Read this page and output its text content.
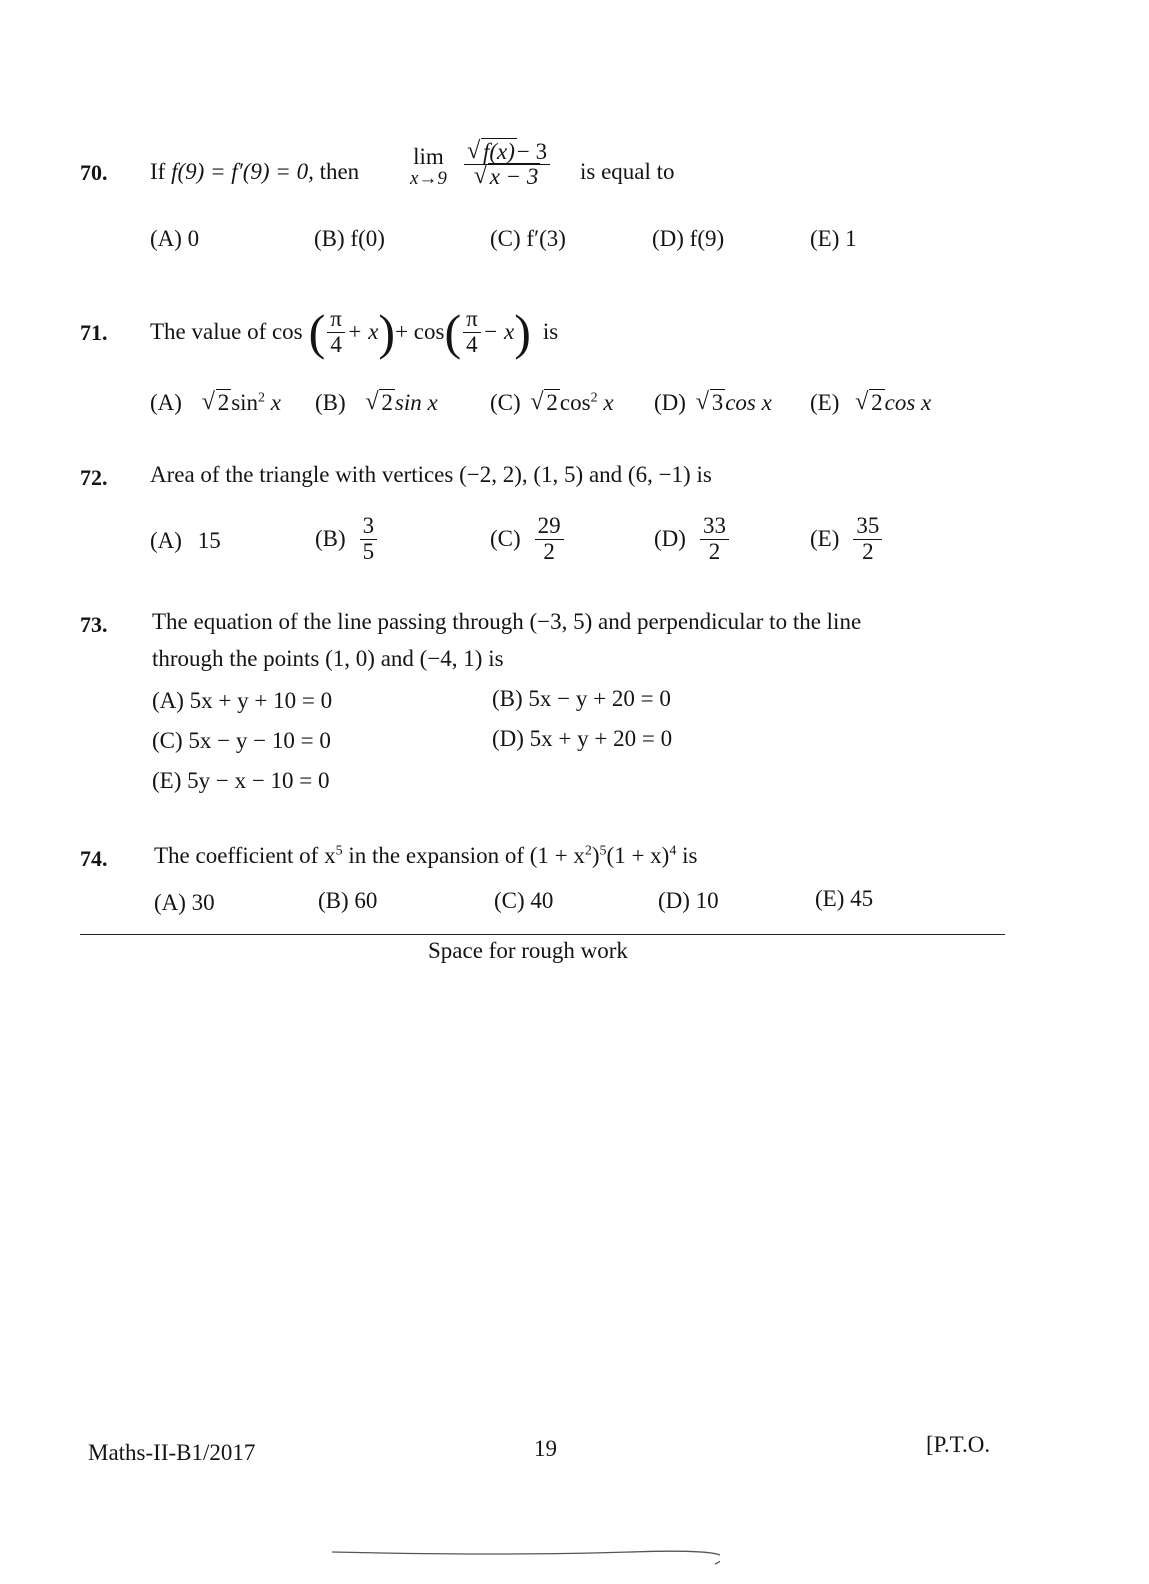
70. If f(9) = f′(9) = 0, then
lim
x→9 √ f(x)− 3
√ x − 3 is equal to
(A) 0	(B) f(0)	(C) f′(3)	(D) f(9)	(E) 1
71. The value of cos ( $\frac{\pi}{4} + x$ ) + cos ( $\frac{\pi}{4} - x$ ) is
(A) √ $2\sin^2$ x (B) √ 2sin x (C) √ $2\cos^2$ x (D) √ 3cos x (E) √ 2cos x
72. Area of the triangle with vertices (−2, 2), (1, 5) and (6, −1) is
(A) 15	$(B) \frac{3}{5}$	$(C) \frac{29}{2}$	$(D) \frac{33}{2}$	$(E) \frac{35}{2}$
73. The equation of the line passing through (−3, 5) and perpendicular to the line
through the points (1, 0) and (−4, 1) is
(A) 5x + y + 10 = 0	(B) 5x − y + 20 = 0
(C) 5x − y − 10 = 0	(D) 5x + y + 20 = 0
(E) 5y − x − 10 = 0
74. The coefficient of $x^5$ in the expansion of $(1 + x^2)^5(1 + x)^4$ is
(A) 30	(B) 60	(C) 40	(D) 10	(E) 45
Space for rough work
Maths-II-B1/2017	19	[P.T.O.
